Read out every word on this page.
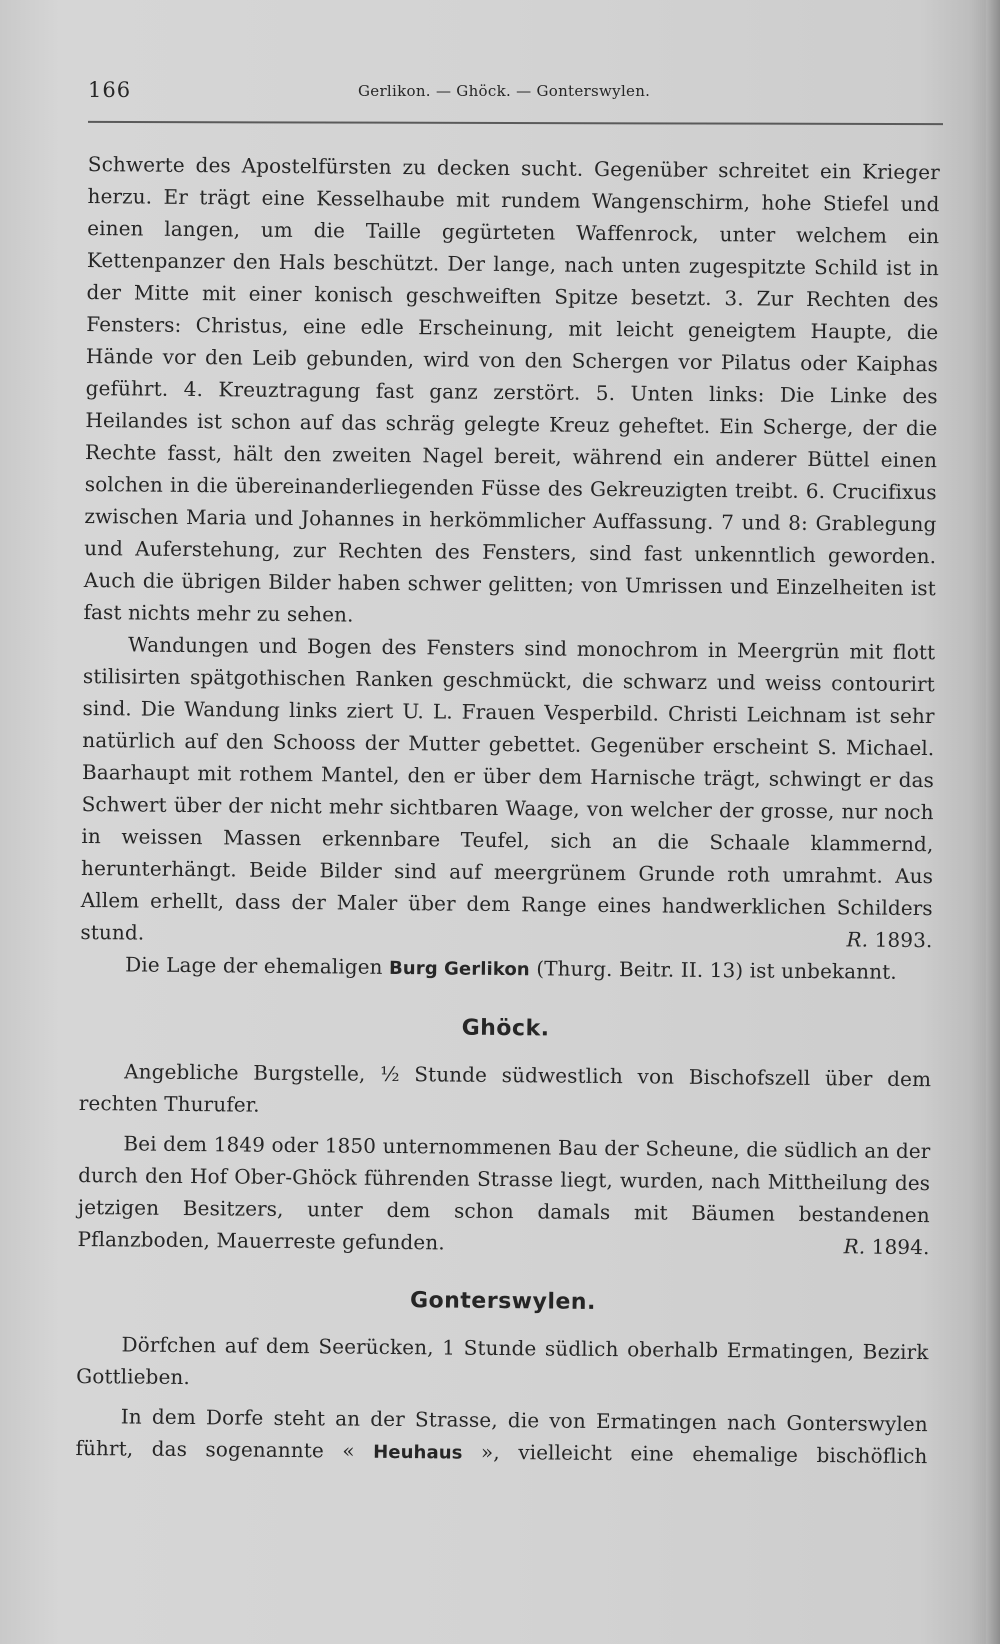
166	Gerlikon. — Ghöck. — Gonterswylen.

Schwerte des Apostelfürsten zu decken sucht. Gegenüber schreitet ein Krieger herzu. Er trägt eine Kesselhaube mit rundem Wangenschirm, hohe Stiefel und einen langen, um die Taille gegürteten Waffenrock, unter welchem ein Kettenpanzer den Hals beschützt. Der lange, nach unten zugespitzte Schild ist in der Mitte mit einer konisch geschweiften Spitze besetzt. 3. Zur Rechten des Fensters: Christus, eine edle Erscheinung, mit leicht geneigtem Haupte, die Hände vor den Leib gebunden, wird von den Schergen vor Pilatus oder Kaiphas geführt. 4. Kreuztragung fast ganz zerstört. 5. Unten links: Die Linke des Heilandes ist schon auf das schräg gelegte Kreuz geheftet. Ein Scherge, der die Rechte fasst, hält den zweiten Nagel bereit, während ein anderer Büttel einen solchen in die übereinanderliegenden Füsse des Gekreuzigten treibt. 6. Crucifixus zwischen Maria und Johannes in herkömmlicher Auffassung. 7 und 8: Grablegung und Auferstehung, zur Rechten des Fensters, sind fast unkenntlich geworden. Auch die übrigen Bilder haben schwer gelitten; von Umrissen und Einzelheiten ist fast nichts mehr zu sehen.

Wandungen und Bogen des Fensters sind monochrom in Meergrün mit flott stilisirten spätgothischen Ranken geschmückt, die schwarz und weiss contourirt sind. Die Wandung links ziert U. L. Frauen Vesperbild. Christi Leichnam ist sehr natürlich auf den Schooss der Mutter gebettet. Gegenüber erscheint S. Michael. Baarhaupt mit rothem Mantel, den er über dem Harnische trägt, schwingt er das Schwert über der nicht mehr sichtbaren Waage, von welcher der grosse, nur noch in weissen Massen erkennbare Teufel, sich an die Schaale klammernd, herunterhängt. Beide Bilder sind auf meergrünem Grunde roth umrahmt. Aus Allem erhellt, dass der Maler über dem Range eines handwerklichen Schilders stund.	R. 1893.

Die Lage der ehemaligen Burg Gerlikon (Thurg. Beitr. II. 13) ist unbekannt.

Ghöck.

Angebliche Burgstelle, ½ Stunde südwestlich von Bischofszell über dem rechten Thurufer.

Bei dem 1849 oder 1850 unternommenen Bau der Scheune, die südlich an der durch den Hof Ober-Ghöck führenden Strasse liegt, wurden, nach Mittheilung des jetzigen Besitzers, unter dem schon damals mit Bäumen bestandenen Pflanzboden, Mauerreste gefunden.	R. 1894.

Gonterswylen.

Dörfchen auf dem Seerücken, 1 Stunde südlich oberhalb Ermatingen, Bezirk Gottlieben.

In dem Dorfe steht an der Strasse, die von Ermatingen nach Gonterswylen führt, das sogenannte « Heuhaus », vielleicht eine ehemalige bischöflich
